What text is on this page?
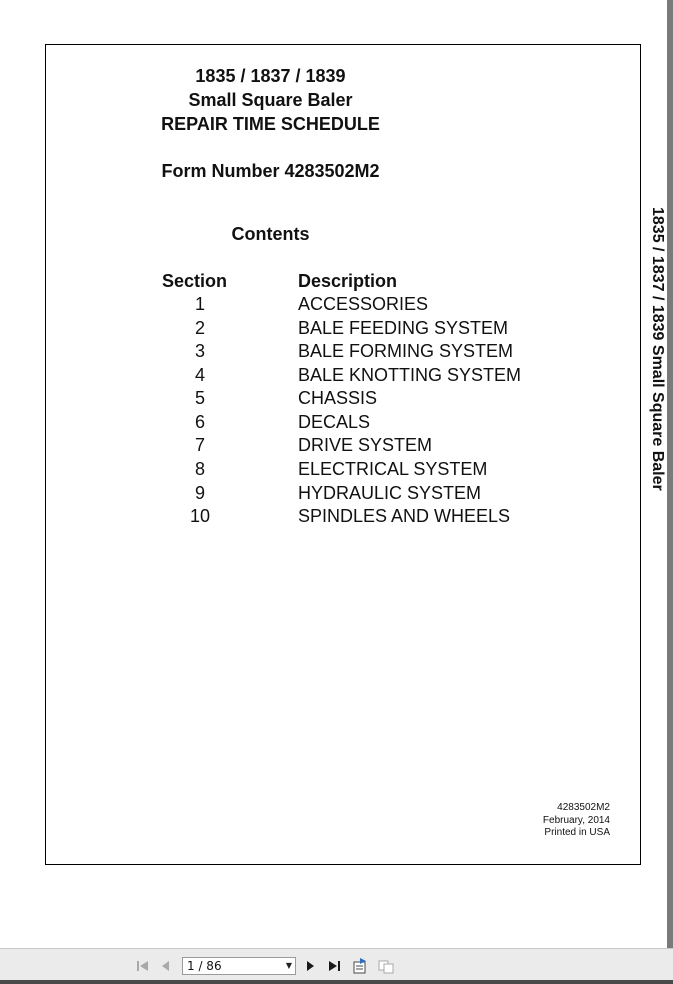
1835 / 1837 / 1839
Small Square Baler
REPAIR TIME SCHEDULE
Form Number 4283502M2
Contents
Section	Description
1	ACCESSORIES
2	BALE FEEDING SYSTEM
3	BALE FORMING SYSTEM
4	BALE KNOTTING SYSTEM
5	CHASSIS
6	DECALS
7	DRIVE SYSTEM
8	ELECTRICAL SYSTEM
9	HYDRAULIC SYSTEM
10	SPINDLES AND WHEELS
4283502M2
February, 2014
Printed in USA
1835 / 1837 / 1839 Small Square Baler
1 / 86	▼
